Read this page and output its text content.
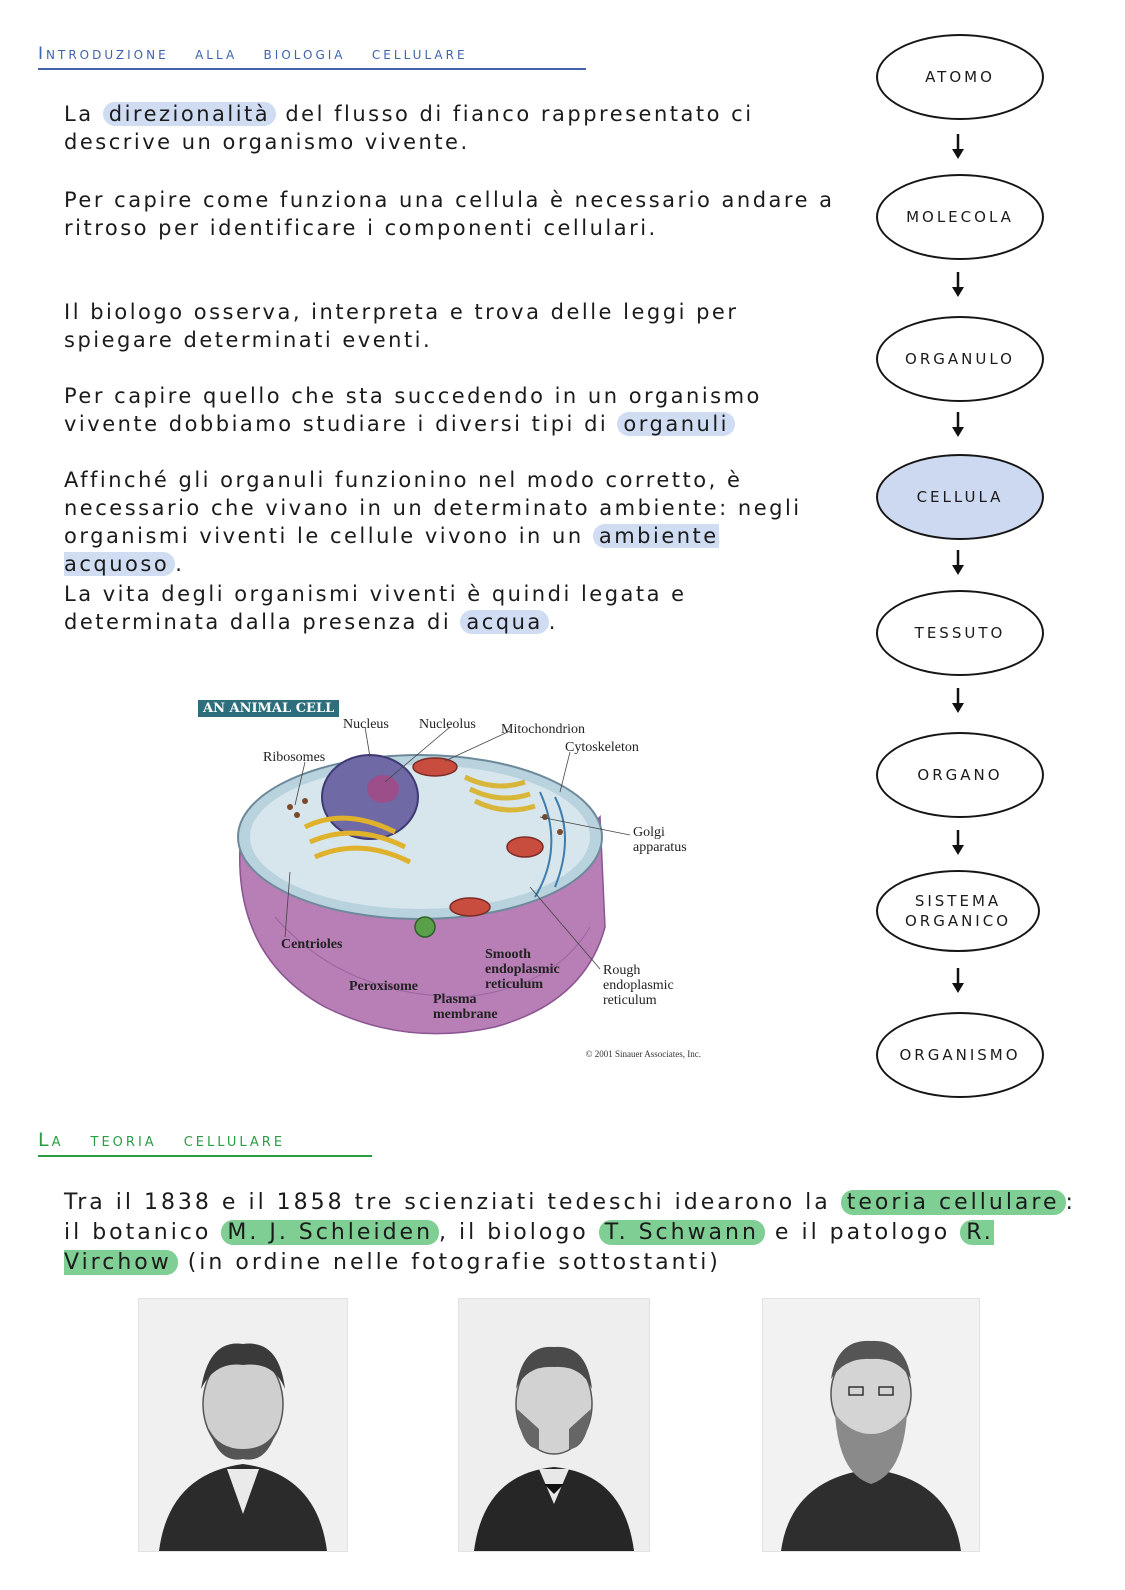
Introduzione alla biologia cellulare

La direzionalità del flusso di fianco rappresentato ci descrive un organismo vivente.

Per capire come funziona una cellula è necessario andare a ritroso per identificare i componenti cellulari.

Il biologo osserva, interpreta e trova delle leggi per spiegare determinati eventi.

Per capire quello che sta succedendo in un organismo vivente dobbiamo studiare i diversi tipi di organuli

Affinché gli organuli funzionino nel modo corretto, è necessario che vivano in un determinato ambiente: negli organismi viventi le cellule vivono in un ambiente acquoso .

La vita degli organismi viventi è quindi legata e determinata dalla presenza di acqua .

ATOMO
MOLECOLA
ORGANULO
CELLULA
TESSUTO
ORGANO
SISTEMA ORGANICO
ORGANISMO
AN ANIMAL CELL
Nucleus Nucleolus Mitochondrion
Cytoskeleton
Ribosomes
Golgi apparatus
Centrioles
Smooth endoplasmic reticulum
Rough endoplasmic reticulum
Peroxisome
Plasma membrane
© 2001 Sinauer Associates, Inc.
La teoria cellulare

Tra il 1838 e il 1858 tre scienziati tedeschi idearono la teoria cellulare : il botanico M. J. Schleiden , il biologo T. Schwann e il patologo R. Virchow (in ordine nelle fotografie sottostanti)
